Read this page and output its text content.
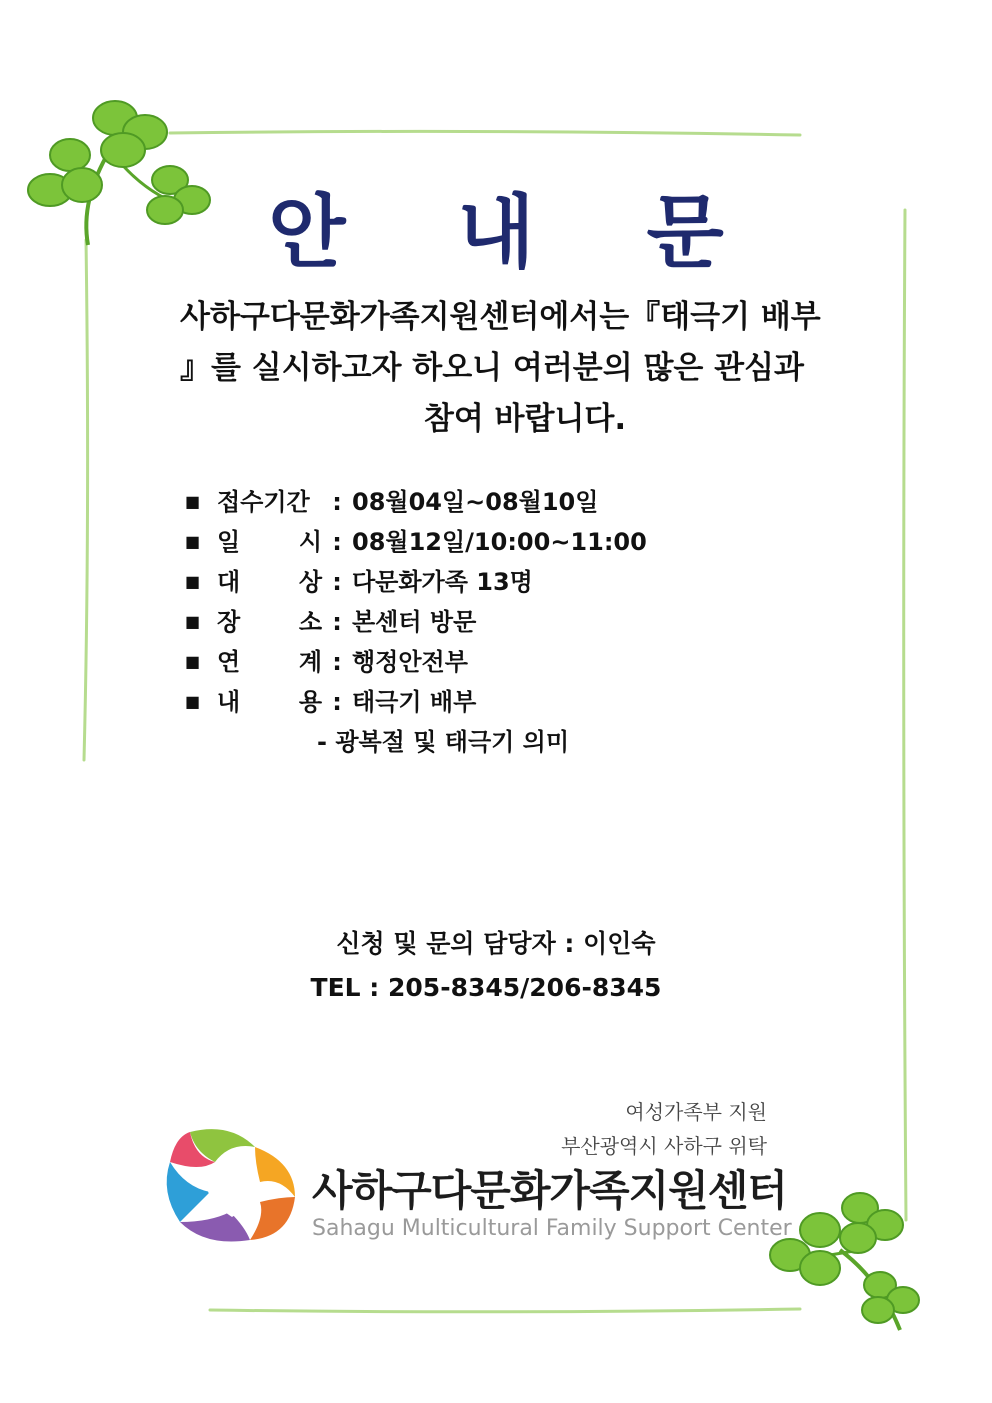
안 내 문
사하구다문화가족지원센터에서는『태극기 배부
』를 실시하고자 하오니 여러분의 많은 관심과
참여 바랍니다.
■ 접수기간 : 08월04일~08월10일
■ 일 시 : 08월12일/10:00~11:00
■ 대 상 : 다문화가족 13명
■ 장 소 : 본센터 방문
■ 연 계 : 행정안전부
■ 내 용 : 태극기 배부
- 광복절 및 태극기 의미
신청 및 문의 담당자 : 이인숙
TEL : 205-8345/206-8345
여성가족부 지원
부산광역시 사하구 위탁
사하구다문화가족지원센터
Sahagu Multicultural Family Support Center
